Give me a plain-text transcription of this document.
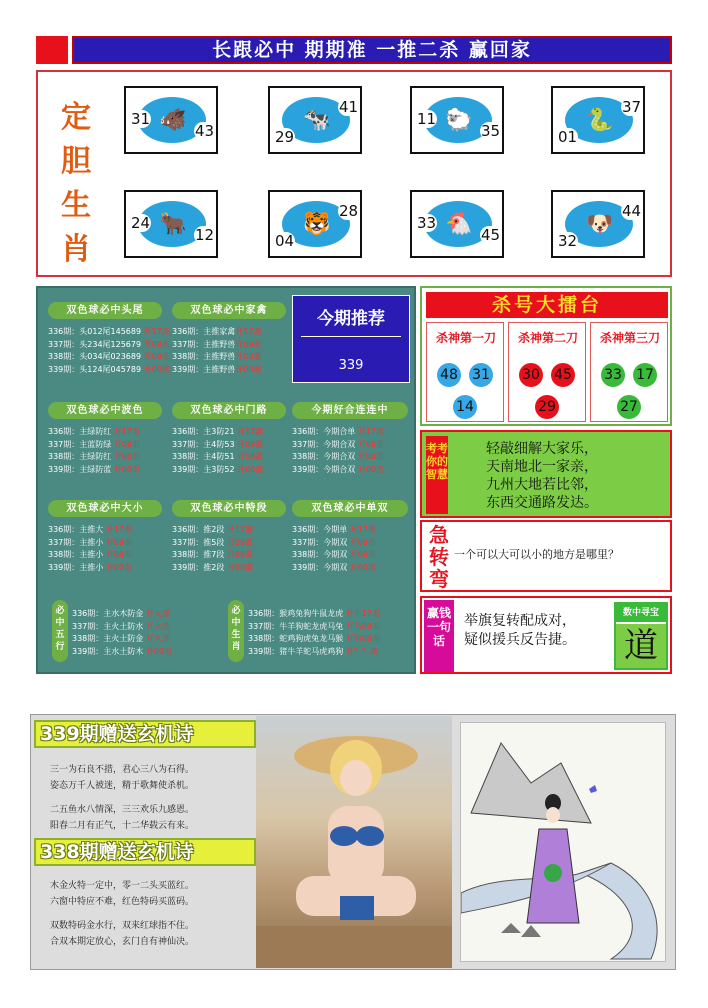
长跟必中 期期准 一推二杀 赢回家
定
胆
生
肖
🐗
31
43	🐄
29
41
🐑
11
35	🐍
01
37
🐂
24
12	🐯
04
28
🐔
33
45	🐶
32
44
双色球必中头尾
336期：头012尾145689 开17准
337期：头234尾125679 开09准
338期：头034尾023689 开08准
339期：头124尾045789 开00准
双色球必中家禽
336期：主推家禽开17准
337期：主推野兽开09准
338期：主推野兽开08准
339期：主推野兽开00准
双色球必中波色
336期：主绿防红 开17准
337期：主蓝防绿 开09准
338期：主绿防红 开08准
339期：主绿防蓝 开00准
双色球必中门路
336期：主3防21 开17准
337期：主4防53 开09准
338期：主4防51 开08准
339期：主3防52 开00准
今期好合连连中
336期：今期合单 开17准
337期：今期合双 开09准
338期：今期合双 开08准
339期：今期合双 开00准
双色球必中大小
336期：主推大 开17准
337期：主推小 开09准
338期：主推小 开08准
339期：主推小 开00准
双色球必中特段
336期：推2段 开17准
337期：推5段 开09准
338期：推7段 开08准
339期：推2段 开00准
双色球必中单双
336期：今期单 开17准
337期：今期双 开09准
338期：今期双 开08准
339期：今期双 开00准
今期推荐
339
必中五行
336期：主水木防金 开火准
337期：主火土防水 开火准
338期：主火土防金 开木准
339期：主水土防木 开00准
必中生肖
336期：猴鸡兔狗牛鼠龙虎 开牛17准
337期：牛羊狗蛇龙虎马兔 开马09准
338期：蛇鸡狗虎兔龙马猴 开狗08准
339期：猪牛羊蛇马虎鸡狗 开？？准
杀号大擂台
杀神第一刀
48 31
14
杀神第二刀
30 45
29
杀神第三刀
33 17
27
考考你的智慧
轻敲细解大家乐，
天南地北一家亲，
九州大地若比邻，
东西交通路发达。
急转弯
一个可以大可以小的地方是哪里？
赢钱一句话
举旗复转配成对，
疑似援兵反告捷。
数中寻宝
道
339期赠送玄机诗
三一为石良不措，君心三八为石得。
姿态万千人被迷，精于歌舞使杀机。
二五鱼水八情深，三三欢乐九感恩。
阳春二月有正气，十二华载云有来。
338期赠送玄机诗
木金火特一定中，零一二头买蓝红。
六窗中特应不难，红色特码买蓝码。
双数特码金水行，双来红球指不住。
合双本期定放心，玄门自有神仙决。
